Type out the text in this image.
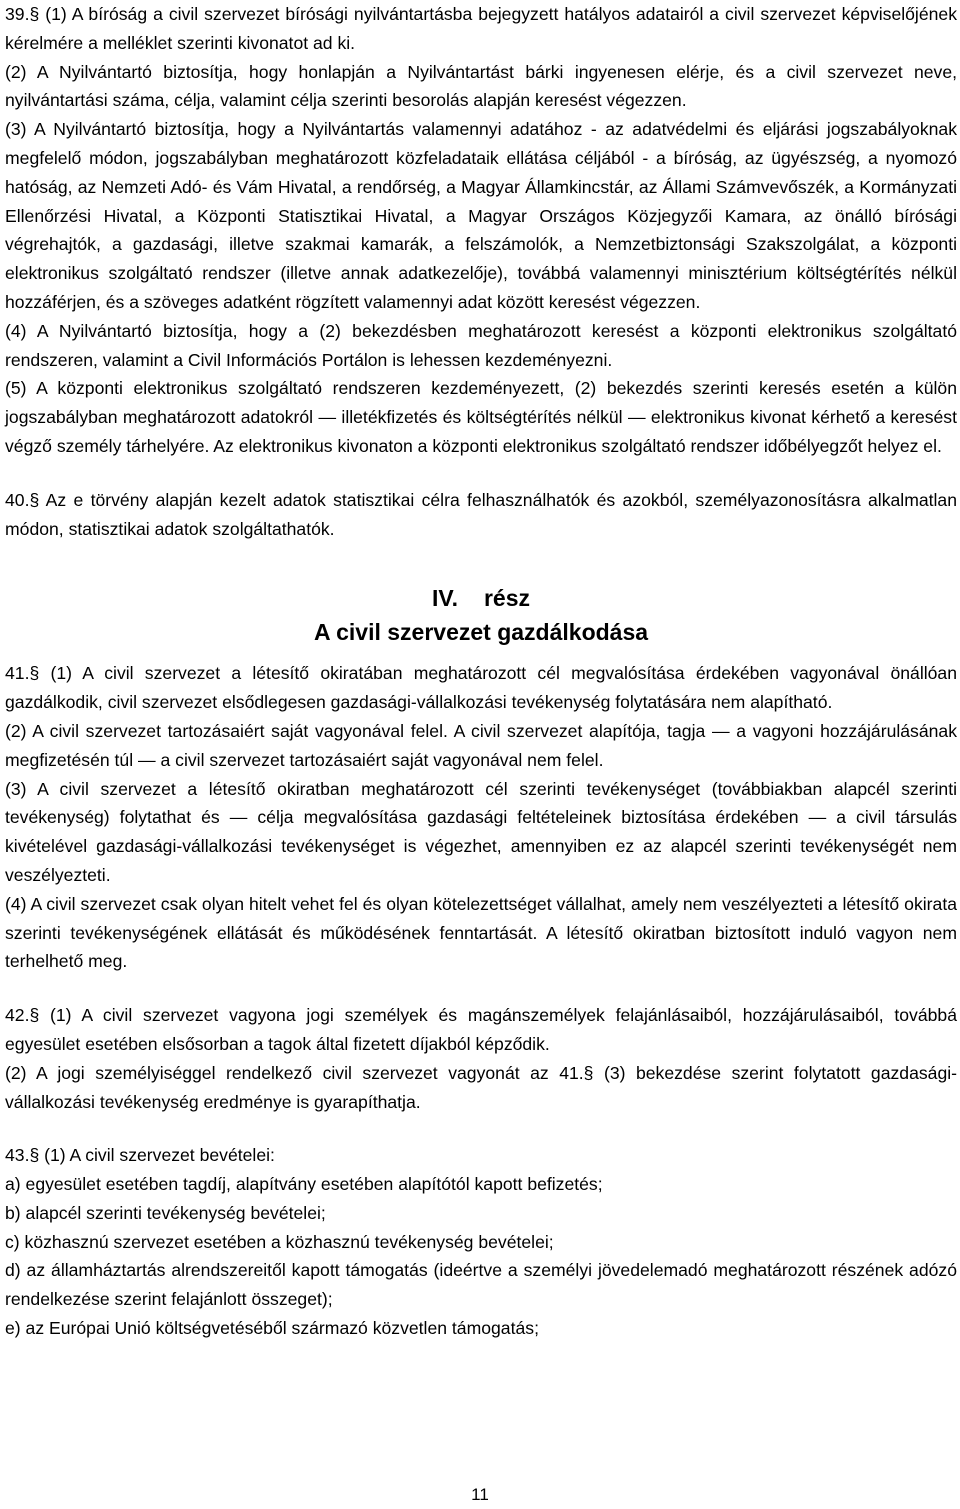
39.§ (1) A bíróság a civil szervezet bírósági nyilvántartásba bejegyzett hatályos adatairól a civil szervezet képviselőjének kérelmére a melléklet szerinti kivonatot ad ki.

(2) A Nyilvántartó biztosítja, hogy honlapján a Nyilvántartást bárki ingyenesen elérje, és a civil szervezet neve, nyilvántartási száma, célja, valamint célja szerinti besorolás alapján keresést végezzen.

(3) A Nyilvántartó biztosítja, hogy a Nyilvántartás valamennyi adatához - az adatvédelmi és eljárási jogszabályoknak megfelelő módon, jogszabályban meghatározott közfeladataik ellátása céljából - a bíróság, az ügyészség, a nyomozó hatóság, az Nemzeti Adó- és Vám Hivatal, a rendőrség, a Magyar Államkincstár, az Állami Számvevőszék, a Kormányzati Ellenőrzési Hivatal, a Központi Statisztikai Hivatal, a Magyar Országos Közjegyzői Kamara, az önálló bírósági végrehajtók, a gazdasági, illetve szakmai kamarák, a felszámolók, a Nemzetbiztonsági Szakszolgálat, a központi elektronikus szolgáltató rendszer (illetve annak adatkezelője), továbbá valamennyi minisztérium költségtérítés nélkül hozzáférjen, és a szöveges adatként rögzített valamennyi adat között keresést végezzen.

(4) A Nyilvántartó biztosítja, hogy a (2) bekezdésben meghatározott keresést a központi elektronikus szolgáltató rendszeren, valamint a Civil Információs Portálon is lehessen kezdeményezni.

(5) A központi elektronikus szolgáltató rendszeren kezdeményezett, (2) bekezdés szerinti keresés esetén a külön jogszabályban meghatározott adatokról — illetékfizetés és költségtérítés nélkül — elektronikus kivonat kérhető a keresést végző személy tárhelyére. Az elektronikus kivonaton a központi elektronikus szolgáltató rendszer időbélyegzőt helyez el.

40.§ Az e törvény alapján kezelt adatok statisztikai célra felhasználhatók és azokból, személyazonosításra alkalmatlan módon, statisztikai adatok szolgáltathatók.

IV. rész

A civil szervezet gazdálkodása

41.§ (1) A civil szervezet a létesítő okiratában meghatározott cél megvalósítása érdekében vagyonával önállóan gazdálkodik, civil szervezet elsődlegesen gazdasági-vállalkozási tevékenység folytatására nem alapítható.

(2) A civil szervezet tartozásaiért saját vagyonával felel. A civil szervezet alapítója, tagja — a vagyoni hozzájárulásának megfizetésén túl — a civil szervezet tartozásaiért saját vagyonával nem felel.

(3) A civil szervezet a létesítő okiratban meghatározott cél szerinti tevékenységet (továbbiakban alapcél szerinti tevékenység) folytathat és — célja megvalósítása gazdasági feltételeinek biztosítása érdekében — a civil társulás kivételével gazdasági-vállalkozási tevékenységet is végezhet, amennyiben ez az alapcél szerinti tevékenységét nem veszélyezteti.

(4) A civil szervezet csak olyan hitelt vehet fel és olyan kötelezettséget vállalhat, amely nem veszélyezteti a létesítő okirata szerinti tevékenységének ellátását és működésének fenntartását. A létesítő okiratban biztosított induló vagyon nem terhelhető meg.

42.§ (1) A civil szervezet vagyona jogi személyek és magánszemélyek felajánlásaiból, hozzájárulásaiból, továbbá egyesület esetében elsősorban a tagok által fizetett díjakból képződik.

(2) A jogi személyiséggel rendelkező civil szervezet vagyonát az 41.§ (3) bekezdése szerint folytatott gazdasági-vállalkozási tevékenység eredménye is gyarapíthatja.

43.§ (1) A civil szervezet bevételei:

a) egyesület esetében tagdíj, alapítvány esetében alapítótól kapott befizetés;

b) alapcél szerinti tevékenység bevételei;

c) közhasznú szervezet esetében a közhasznú tevékenység bevételei;

d) az államháztartás alrendszereitől kapott támogatás (ideértve a személyi jövedelemadó meghatározott részének adózó rendelkezése szerint felajánlott összeget);

e) az Európai Unió költségvetéséből származó közvetlen támogatás;

11
